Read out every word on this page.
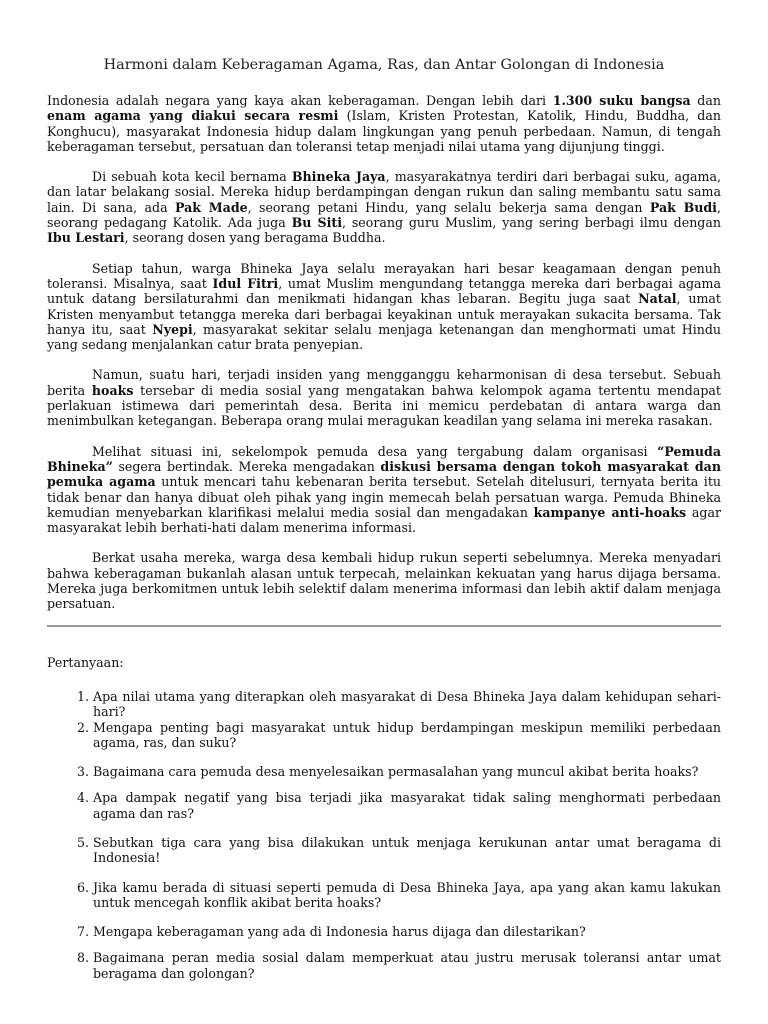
Harmoni dalam Keberagaman Agama, Ras, dan Antar Golongan di Indonesia
Indonesia adalah negara yang kaya akan keberagaman. Dengan lebih dari 1.300 suku bangsa dan enam agama yang diakui secara resmi (Islam, Kristen Protestan, Katolik, Hindu, Buddha, dan Konghucu), masyarakat Indonesia hidup dalam lingkungan yang penuh perbedaan. Namun, di tengah keberagaman tersebut, persatuan dan toleransi tetap menjadi nilai utama yang dijunjung tinggi.
Di sebuah kota kecil bernama Bhineka Jaya, masyarakatnya terdiri dari berbagai suku, agama, dan latar belakang sosial. Mereka hidup berdampingan dengan rukun dan saling membantu satu sama lain. Di sana, ada Pak Made, seorang petani Hindu, yang selalu bekerja sama dengan Pak Budi, seorang pedagang Katolik. Ada juga Bu Siti, seorang guru Muslim, yang sering berbagi ilmu dengan Ibu Lestari, seorang dosen yang beragama Buddha.
Setiap tahun, warga Bhineka Jaya selalu merayakan hari besar keagamaan dengan penuh toleransi. Misalnya, saat Idul Fitri, umat Muslim mengundang tetangga mereka dari berbagai agama untuk datang bersilaturahmi dan menikmati hidangan khas lebaran. Begitu juga saat Natal, umat Kristen menyambut tetangga mereka dari berbagai keyakinan untuk merayakan sukacita bersama. Tak hanya itu, saat Nyepi, masyarakat sekitar selalu menjaga ketenangan dan menghormati umat Hindu yang sedang menjalankan catur brata penyepian.
Namun, suatu hari, terjadi insiden yang mengganggu keharmonisan di desa tersebut. Sebuah berita hoaks tersebar di media sosial yang mengatakan bahwa kelompok agama tertentu mendapat perlakuan istimewa dari pemerintah desa. Berita ini memicu perdebatan di antara warga dan menimbulkan ketegangan. Beberapa orang mulai meragukan keadilan yang selama ini mereka rasakan.
Melihat situasi ini, sekelompok pemuda desa yang tergabung dalam organisasi “Pemuda Bhineka” segera bertindak. Mereka mengadakan diskusi bersama dengan tokoh masyarakat dan pemuka agama untuk mencari tahu kebenaran berita tersebut. Setelah ditelusuri, ternyata berita itu tidak benar dan hanya dibuat oleh pihak yang ingin memecah belah persatuan warga. Pemuda Bhineka kemudian menyebarkan klarifikasi melalui media sosial dan mengadakan kampanye anti-hoaks agar masyarakat lebih berhati-hati dalam menerima informasi.
Berkat usaha mereka, warga desa kembali hidup rukun seperti sebelumnya. Mereka menyadari bahwa keberagaman bukanlah alasan untuk terpecah, melainkan kekuatan yang harus dijaga bersama. Mereka juga berkomitmen untuk lebih selektif dalam menerima informasi dan lebih aktif dalam menjaga persatuan.
Pertanyaan:
1. Apa nilai utama yang diterapkan oleh masyarakat di Desa Bhineka Jaya dalam kehidupan sehari-hari?
2. Mengapa penting bagi masyarakat untuk hidup berdampingan meskipun memiliki perbedaan agama, ras, dan suku?
3. Bagaimana cara pemuda desa menyelesaikan permasalahan yang muncul akibat berita hoaks?
4. Apa dampak negatif yang bisa terjadi jika masyarakat tidak saling menghormati perbedaan agama dan ras?
5. Sebutkan tiga cara yang bisa dilakukan untuk menjaga kerukunan antar umat beragama di Indonesia!
6. Jika kamu berada di situasi seperti pemuda di Desa Bhineka Jaya, apa yang akan kamu lakukan untuk mencegah konflik akibat berita hoaks?
7. Mengapa keberagaman yang ada di Indonesia harus dijaga dan dilestarikan?
8. Bagaimana peran media sosial dalam memperkuat atau justru merusak toleransi antar umat beragama dan golongan?
